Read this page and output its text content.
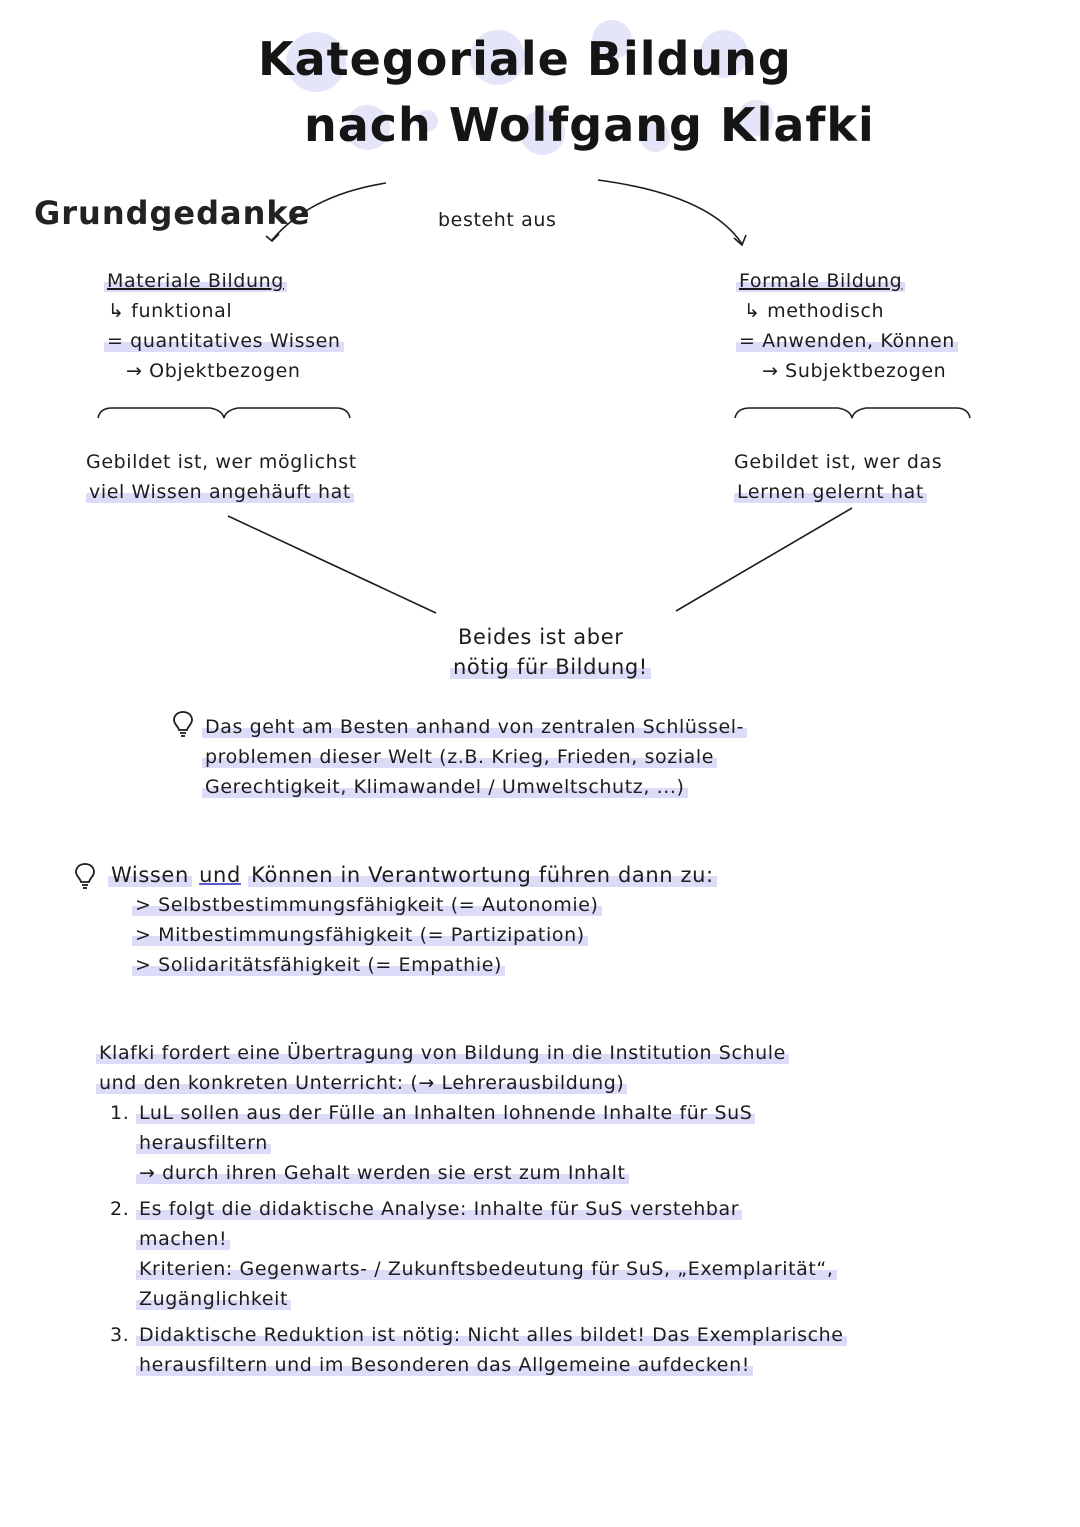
Kategoriale Bildung
nach Wolfgang Klafki
Grundgedanke	besteht aus
Materiale Bildung
↳ funktional
= quantitatives Wissen
→ Objektbezogen
Gebildet ist, wer möglichst
viel Wissen angehäuft hat
Formale Bildung
↳ methodisch
= Anwenden, Können
→ Subjektbezogen
Gebildet ist, wer das
Lernen gelernt hat
Beides ist aber
nötig für Bildung!
Das geht am Besten anhand von zentralen Schlüssel-
problemen dieser Welt (z.B. Krieg, Frieden, soziale
Gerechtigkeit, Klimawandel / Umweltschutz, ...)
Wissen und Können in Verantwortung führen dann zu:
> Selbstbestimmungsfähigkeit (= Autonomie)
> Mitbestimmungsfähigkeit (= Partizipation)
> Solidaritätsfähigkeit (= Empathie)
Klafki fordert eine Übertragung von Bildung in die Institution Schule
und den konkreten Unterricht: (→ Lehrerausbildung)
1. LuL sollen aus der Fülle an Inhalten lohnende Inhalte für SuS
herausfiltern
→ durch ihren Gehalt werden sie erst zum Inhalt
2. Es folgt die didaktische Analyse: Inhalte für SuS verstehbar
machen!
Kriterien: Gegenwarts- / Zukunftsbedeutung für SuS, „Exemplarität“,
Zugänglichkeit
3. Didaktische Reduktion ist nötig: Nicht alles bildet! Das Exemplarische
herausfiltern und im Besonderen das Allgemeine aufdecken!
